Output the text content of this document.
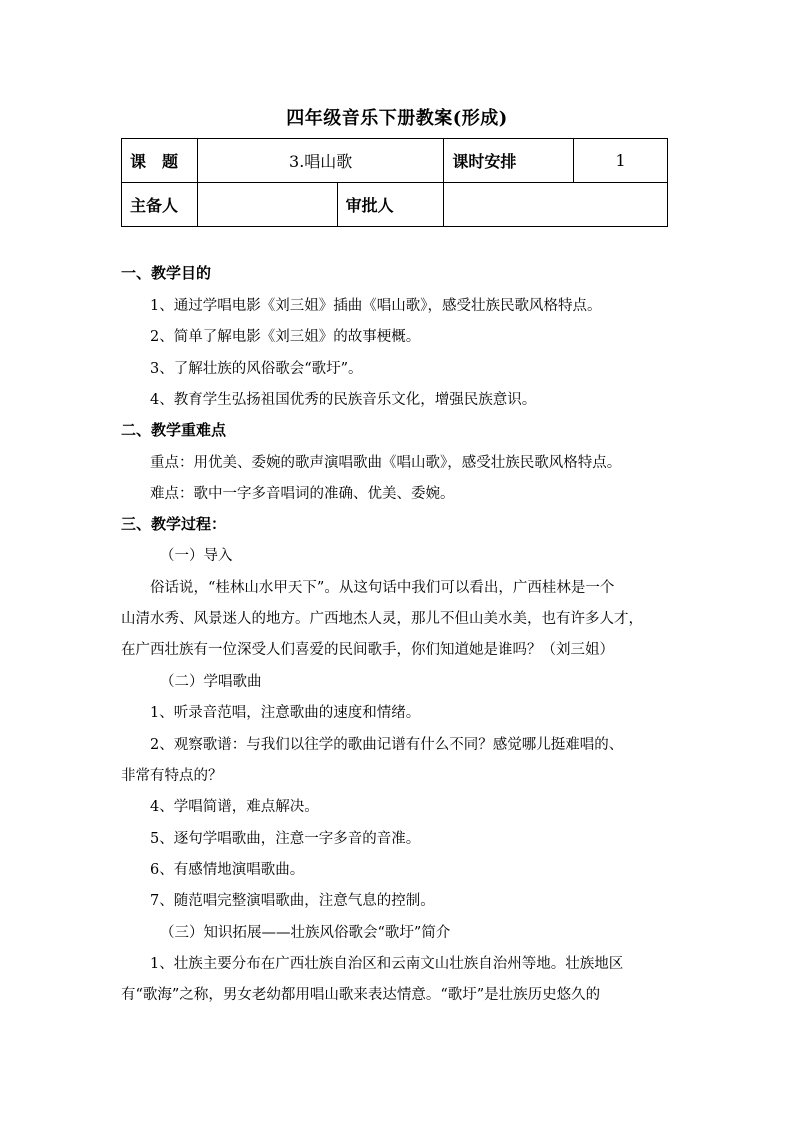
四年级音乐下册教案(形成)
课　题	3.唱山歌		课时安排	1
主备人		审批人		
一、教学目的
1、通过学唱电影《刘三姐》插曲《唱山歌》，感受壮族民歌风格特点。
2、简单了解电影《刘三姐》的故事梗概。
3、了解壮族的风俗歌会“歌圩”。
4、教育学生弘扬祖国优秀的民族音乐文化，增强民族意识。
二、教学重难点
重点：用优美、委婉的歌声演唱歌曲《唱山歌》，感受壮族民歌风格特点。
难点：歌中一字多音唱词的准确、优美、委婉。
三、教学过程：
（一）导入
俗话说，“桂林山水甲天下”。从这句话中我们可以看出，广西桂林是一个
山清水秀、风景迷人的地方。广西地杰人灵，那儿不但山美水美，也有许多人才，
在广西壮族有一位深受人们喜爱的民间歌手，你们知道她是谁吗？（刘三姐）
（二）学唱歌曲
1、听录音范唱，注意歌曲的速度和情绪。
2、观察歌谱：与我们以往学的歌曲记谱有什么不同？感觉哪儿挺难唱的、
非常有特点的？
4、学唱简谱，难点解决。
5、逐句学唱歌曲，注意一字多音的音准。
6、有感情地演唱歌曲。
7、随范唱完整演唱歌曲，注意气息的控制。
（三）知识拓展——壮族风俗歌会“歌圩”简介
1、壮族主要分布在广西壮族自治区和云南文山壮族自治州等地。壮族地区
有“歌海”之称，男女老幼都用唱山歌来表达情意。“歌圩”是壮族历史悠久的
